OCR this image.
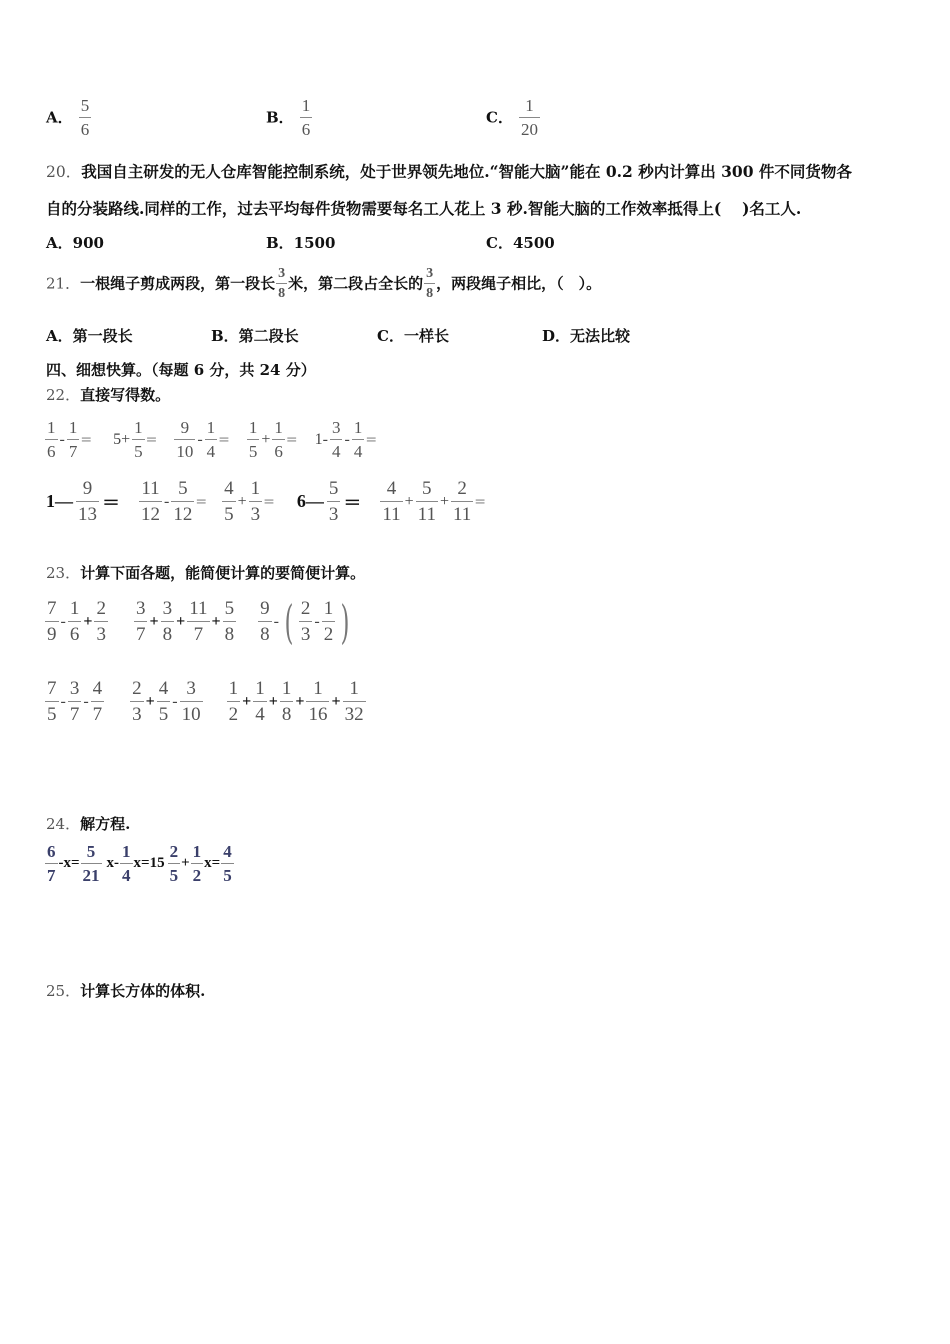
A． $\frac{5}{6}$	B． $\frac{1}{6}$	C． $\frac{1}{20}$
20．我国自主研发的无人仓库智能控制系统，处于世界领先地位.“智能大脑”能在 0.2 秒内计算出 300 件不同货物各
自的分装路线.同样的工作，过去平均每件货物需要每名工人花上 3 秒.智能大脑的工作效率抵得上(　 )名工人.
A．900	B．1500	C．4500
21．一根绳子剪成两段，第一段长 $\frac{3}{8}$ 米，第二段占全长的 $\frac{3}{8}$ ，两段绳子相比，（　）。
A．第一段长	B．第二段长	C．一样长	D．无法比较
四、细想快算。（每题 6 分，共 24 分）
22．直接写得数。
$\frac{1}{6} - \frac{1}{7} = 5+ \frac{1}{5} = \frac{9}{10} - \frac{1}{4} = \frac{1}{5} + \frac{1}{6} = 1- \frac{3}{4} - \frac{1}{4}$ =
1— $\frac{9}{13} = \frac{11}{12} - \frac{5}{12} = \frac{4}{5} + \frac{1}{3}$ = 6— $\frac{5}{3} = \frac{4}{11} + \frac{5}{11} + \frac{2}{11}$ =
23．计算下面各题，能简便计算的要简便计算。
$\frac{7}{9} - \frac{1}{6} + \frac{2}{3} \frac{3}{7} + \frac{3}{8} + \frac{11}{7} + \frac{5}{8} \frac{9}{8}$ - ( $\frac{2}{3} - \frac{1}{2}$ )
$\frac{7}{5} - \frac{3}{7} - \frac{4}{7} \frac{2}{3} + \frac{4}{5} - \frac{3}{10} \frac{1}{2} + \frac{1}{4} + \frac{1}{8} + \frac{1}{16} + \frac{1}{32}$
24．解方程.
$\frac{6}{7} -x= \frac{5}{21} x- \frac{1}{4} x=15 \frac{2}{5} + \frac{1}{2} x= \frac{4}{5}$
25．计算长方体的体积.
